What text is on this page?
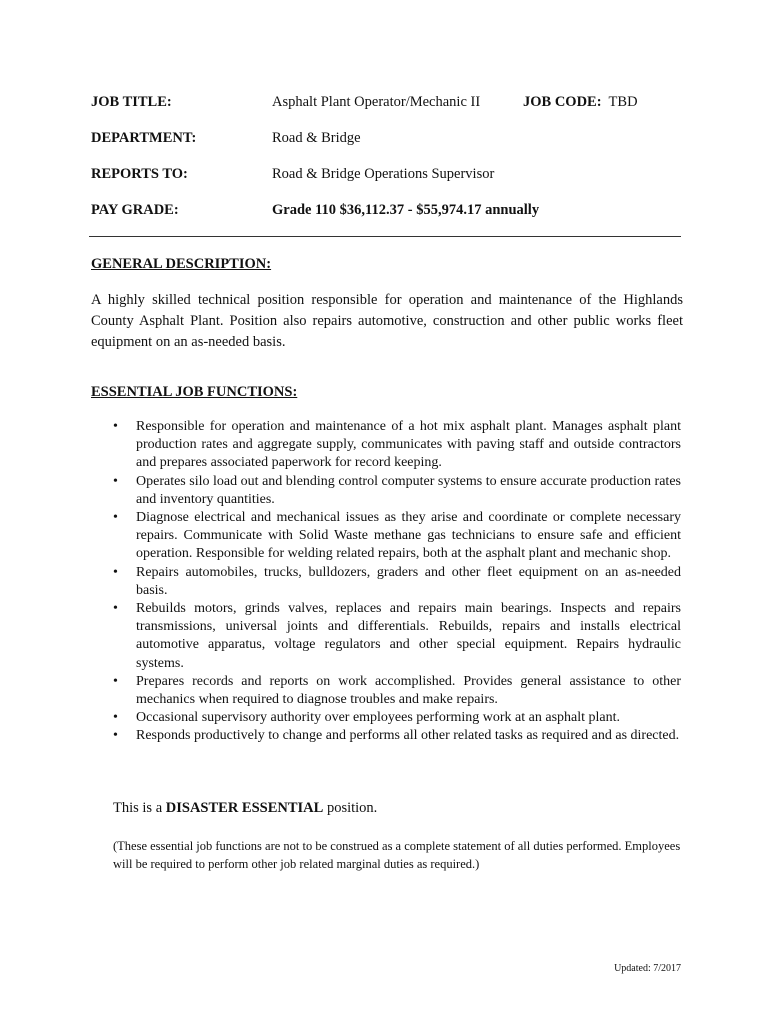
JOB TITLE:	Asphalt Plant Operator/Mechanic II	JOB CODE: TBD
DEPARTMENT:	Road & Bridge
REPORTS TO:	Road & Bridge Operations Supervisor
PAY GRADE:	Grade 110 $36,112.37 - $55,974.17 annually
GENERAL DESCRIPTION:
A highly skilled technical position responsible for operation and maintenance of the Highlands County Asphalt Plant. Position also repairs automotive, construction and other public works fleet equipment on an as-needed basis.
ESSENTIAL JOB FUNCTIONS:
• Responsible for operation and maintenance of a hot mix asphalt plant. Manages asphalt plant production rates and aggregate supply, communicates with paving staff and outside contractors and prepares associated paperwork for record keeping.
• Operates silo load out and blending control computer systems to ensure accurate production rates and inventory quantities.
• Diagnose electrical and mechanical issues as they arise and coordinate or complete necessary repairs. Communicate with Solid Waste methane gas technicians to ensure safe and efficient operation. Responsible for welding related repairs, both at the asphalt plant and mechanic shop.
• Repairs automobiles, trucks, bulldozers, graders and other fleet equipment on an as-needed basis.
• Rebuilds motors, grinds valves, replaces and repairs main bearings. Inspects and repairs transmissions, universal joints and differentials. Rebuilds, repairs and installs electrical automotive apparatus, voltage regulators and other special equipment. Repairs hydraulic systems.
• Prepares records and reports on work accomplished. Provides general assistance to other mechanics when required to diagnose troubles and make repairs.
• Occasional supervisory authority over employees performing work at an asphalt plant.
• Responds productively to change and performs all other related tasks as required and as directed.
This is a DISASTER ESSENTIAL position.
(These essential job functions are not to be construed as a complete statement of all duties performed. Employees will be required to perform other job related marginal duties as required.)
Updated: 7/2017
